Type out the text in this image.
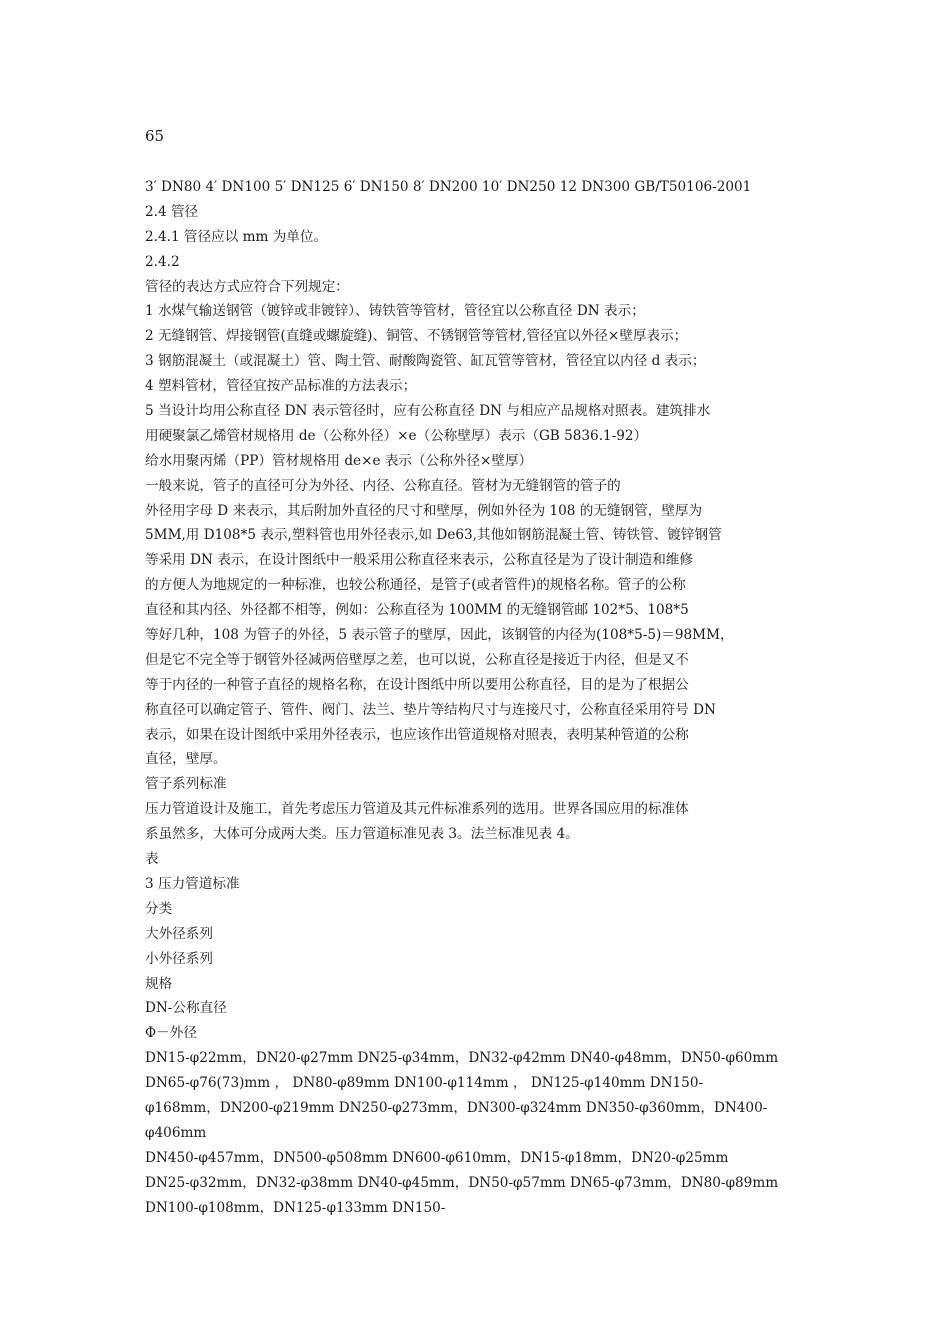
65
3′ DN80 4′ DN100 5′ DN125 6′ DN150 8′ DN200 10′ DN250 12 DN300 GB/T50106-2001
2.4 管径
2.4.1 管径应以 mm 为单位。
2.4.2
管径的表达方式应符合下列规定：
1 水煤气输送钢管（镀锌或非镀锌）、铸铁管等管材，管径宜以公称直径 DN 表示；
2 无缝钢管、焊接钢管(直缝或螺旋缝)、铜管、不锈钢管等管材,管径宜以外径×壁厚表示；
3 钢筋混凝土（或混凝土）管、陶土管、耐酸陶瓷管、缸瓦管等管材，管径宜以内径 d 表示；
4 塑料管材，管径宜按产品标准的方法表示；
5 当设计均用公称直径 DN 表示管径时，应有公称直径 DN 与相应产品规格对照表。建筑排水
用硬聚氯乙烯管材规格用 de（公称外径）×e（公称壁厚）表示（GB 5836.1-92）
给水用聚丙烯（PP）管材规格用 de×e 表示（公称外径×壁厚）
一般来说，管子的直径可分为外径、内径、公称直径。管材为无缝钢管的管子的
外径用字母 D 来表示，其后附加外直径的尺寸和壁厚，例如外径为 108 的无缝钢管，壁厚为
5MM,用 D108*5 表示,塑料管也用外径表示,如 De63,其他如钢筋混凝土管、铸铁管、镀锌钢管
等采用 DN 表示，在设计图纸中一般采用公称直径来表示，公称直径是为了设计制造和维修
的方便人为地规定的一种标准，也较公称通径，是管子(或者管件)的规格名称。管子的公称
直径和其内径、外径都不相等，例如：公称直径为 100MM 的无缝钢管邮 102*5、108*5
等好几种，108 为管子的外径，5 表示管子的壁厚，因此，该钢管的内径为(108*5-5)＝98MM，
但是它不完全等于钢管外径减两倍壁厚之差，也可以说，公称直径是接近于内径，但是又不
等于内径的一种管子直径的规格名称，在设计图纸中所以要用公称直径，目的是为了根据公
称直径可以确定管子、管件、阀门、法兰、垫片等结构尺寸与连接尺寸，公称直径采用符号 DN
表示，如果在设计图纸中采用外径表示，也应该作出管道规格对照表，表明某种管道的公称
直径，壁厚。
管子系列标准
压力管道设计及施工，首先考虑压力管道及其元件标准系列的选用。世界各国应用的标准体
系虽然多，大体可分成两大类。压力管道标准见表 3。法兰标准见表 4。
表
3 压力管道标准
分类
大外径系列
小外径系列
规格
DN-公称直径
Φ－外径
DN15-φ22mm，DN20-φ27mm DN25-φ34mm，DN32-φ42mm DN40-φ48mm，DN50-φ60mm
DN65-φ76(73)mm ， DN80-φ89mm DN100-φ114mm ， DN125-φ140mm DN150-
φ168mm，DN200-φ219mm DN250-φ273mm，DN300-φ324mm DN350-φ360mm，DN400-
φ406mm
DN450-φ457mm，DN500-φ508mm DN600-φ610mm，DN15-φ18mm，DN20-φ25mm
DN25-φ32mm，DN32-φ38mm DN40-φ45mm，DN50-φ57mm DN65-φ73mm，DN80-φ89mm
DN100-φ108mm，DN125-φ133mm DN150-
